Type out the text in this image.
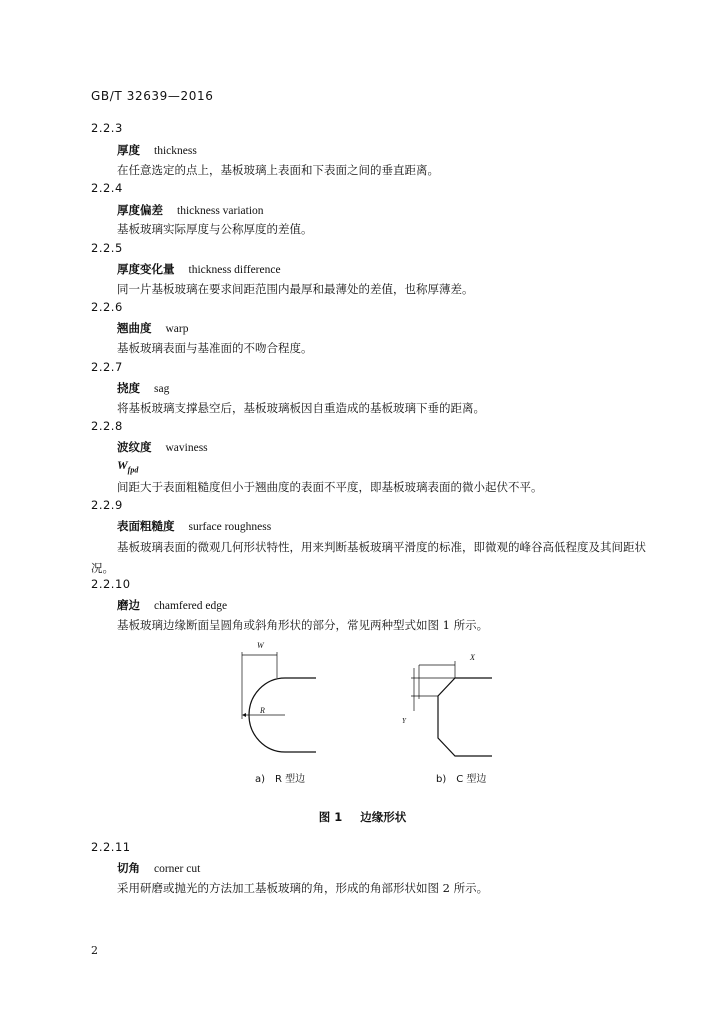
GB/T 32639—2016
2.2.3
厚度 thickness
在任意选定的点上，基板玻璃上表面和下表面之间的垂直距离。
2.2.4
厚度偏差 thickness variation
基板玻璃实际厚度与公称厚度的差值。
2.2.5
厚度变化量 thickness difference
同一片基板玻璃在要求间距范围内最厚和最薄处的差值，也称厚薄差。
2.2.6
翘曲度 warp
基板玻璃表面与基准面的不吻合程度。
2.2.7
挠度 sag
将基板玻璃支撑悬空后，基板玻璃板因自重造成的基板玻璃下垂的距离。
2.2.8
波纹度 waviness
$W_{fpd}$
间距大于表面粗糙度但小于翘曲度的表面不平度，即基板玻璃表面的微小起伏不平。
2.2.9
表面粗糙度 surface roughness
基板玻璃表面的微观几何形状特性，用来判断基板玻璃平滑度的标准，即微观的峰谷高低程度及其间距状况。
2.2.10
磨边 chamfered edge
基板玻璃边缘断面呈圆角或斜角形状的部分，常见两种型式如图 1 所示。
W
R
X
Y
a)　R 型边	b)　C 型边
图 1 边缘形状
2.2.11
切角 corner cut
采用研磨或抛光的方法加工基板玻璃的角，形成的角部形状如图 2 所示。
2
